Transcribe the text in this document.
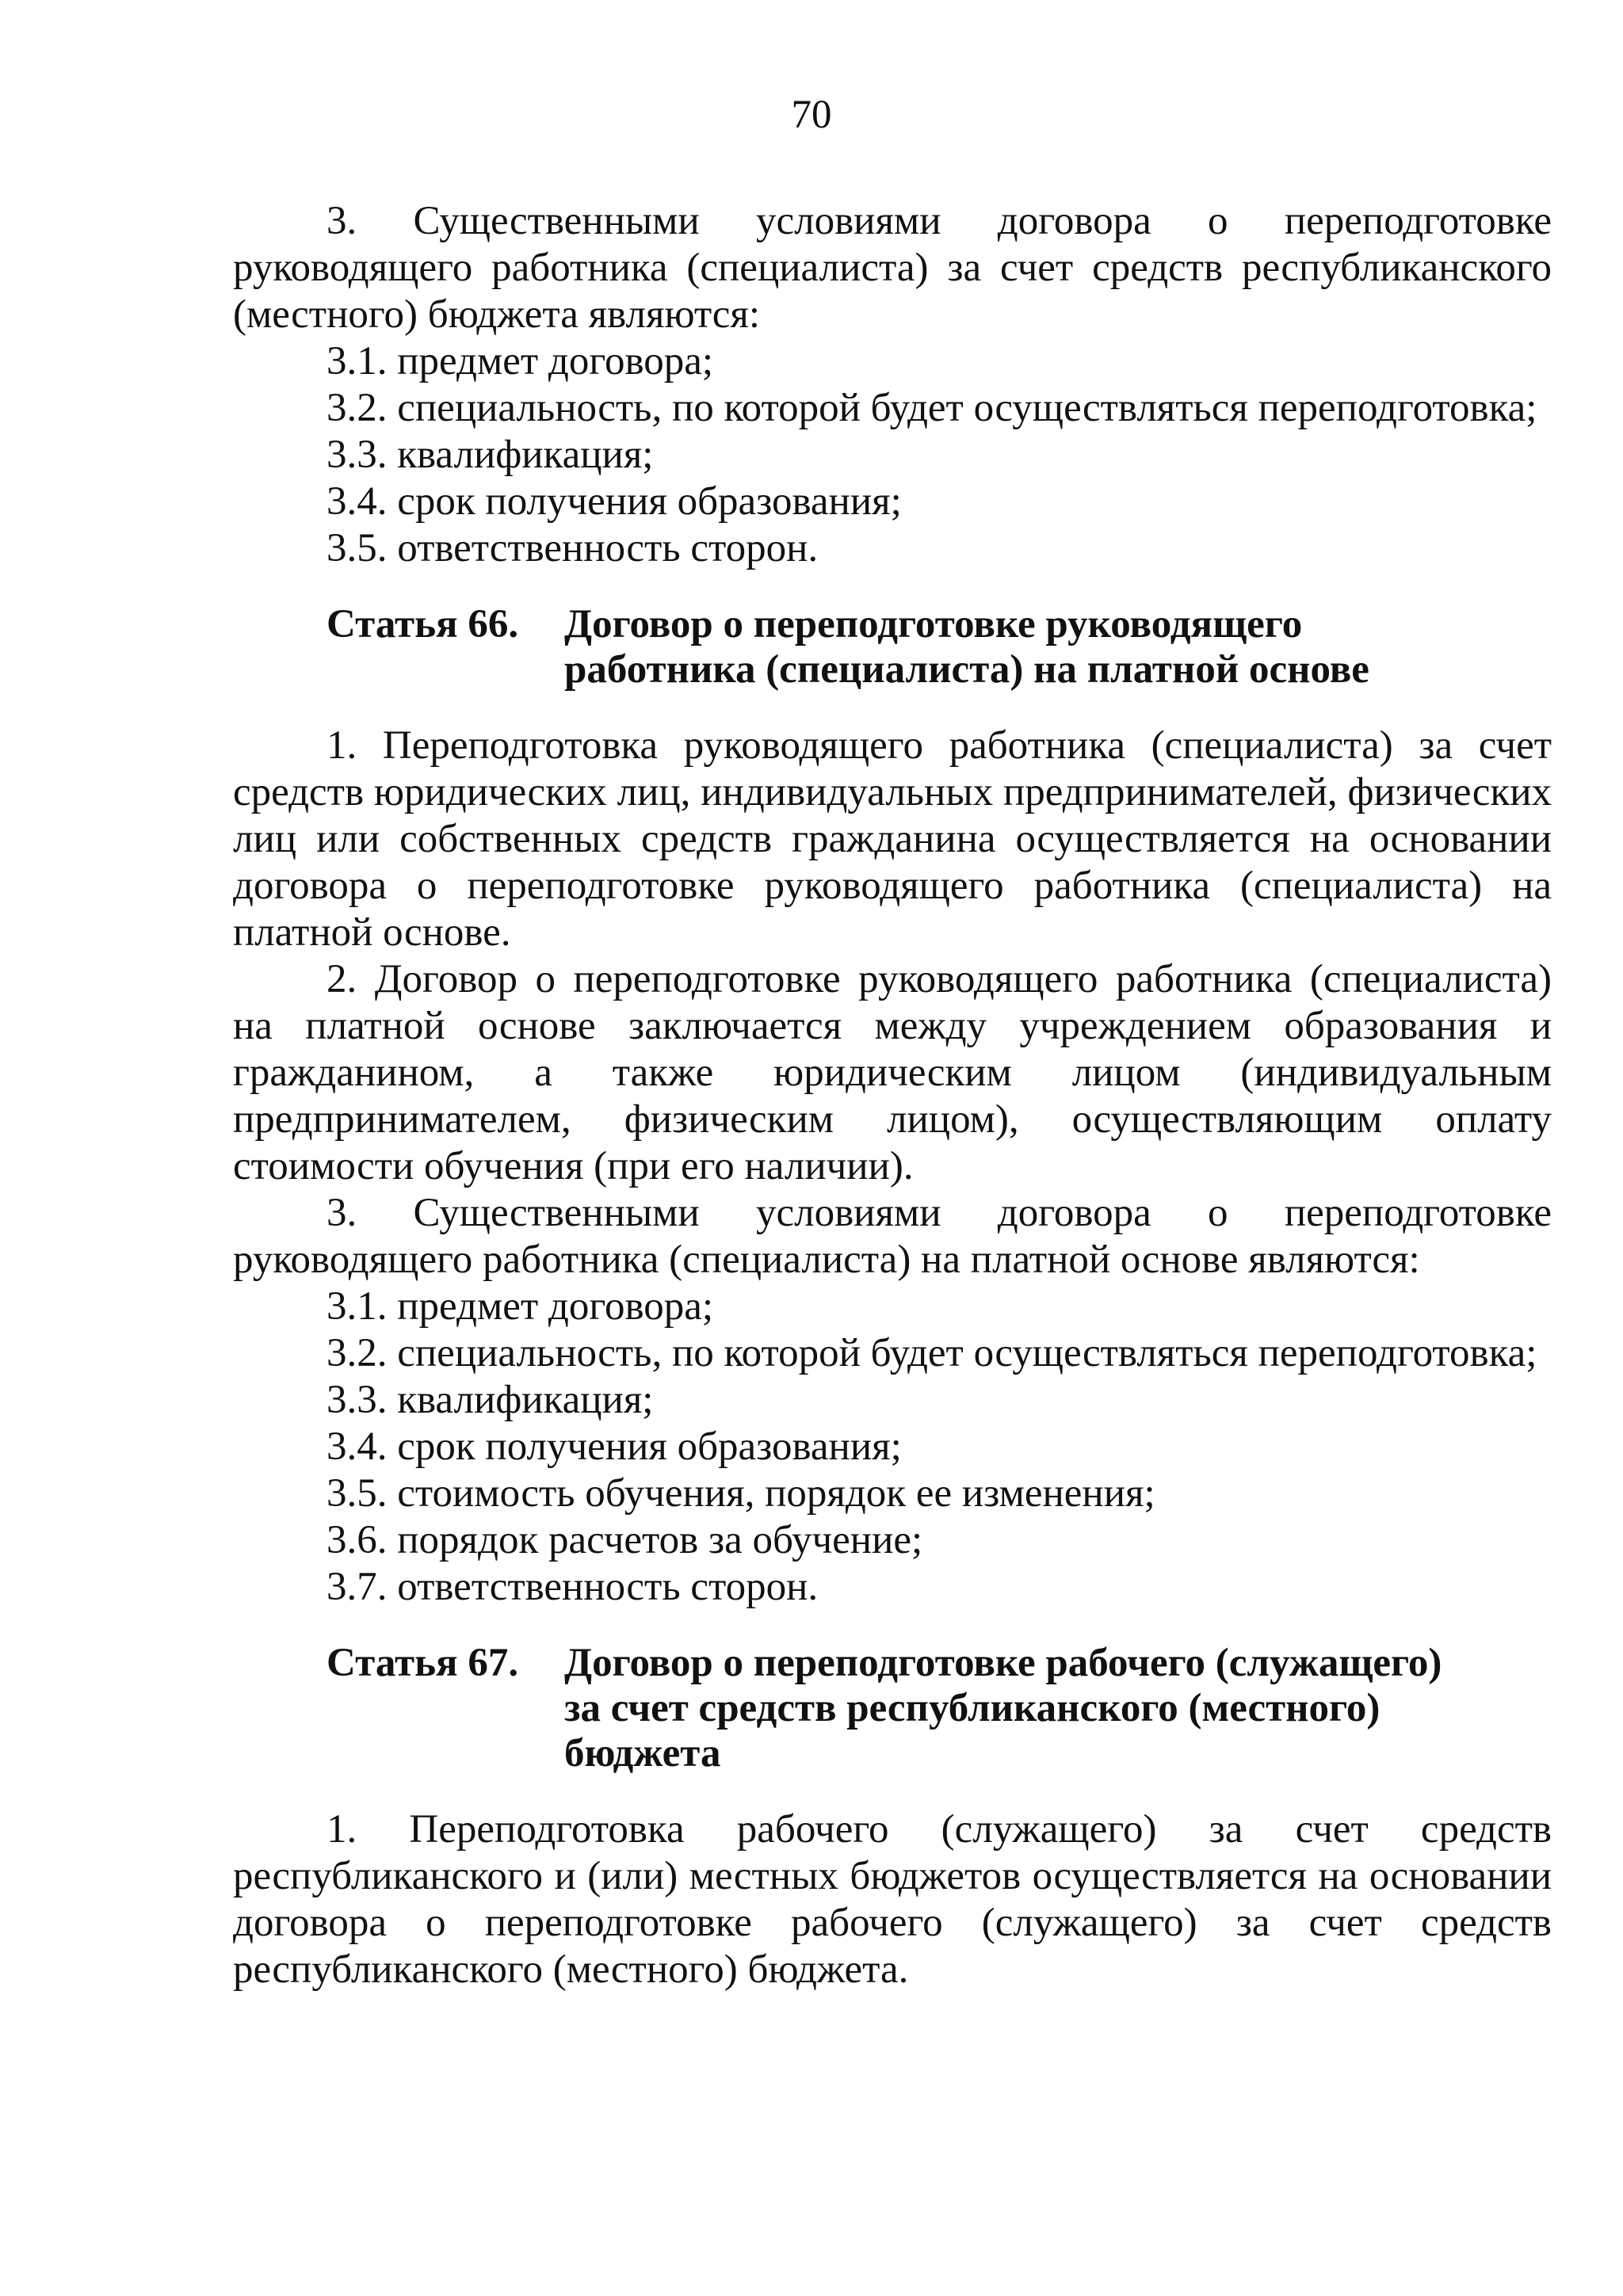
70

3. Существенными условиями договора о переподготовке руководящего работника (специалиста) за счет средств республиканского (местного) бюджета являются:

3.1. предмет договора;

3.2. специальность, по которой будет осуществляться переподготовка;

3.3. квалификация;

3.4. срок получения образования;

3.5. ответственность сторон.

Статья 66.	Договор о переподготовке руководящего работника (специалиста) на платной основе

1. Переподготовка руководящего работника (специалиста) за счет средств юридических лиц, индивидуальных предпринимателей, физических лиц или собственных средств гражданина осуществляется на основании договора о переподготовке руководящего работника (специалиста) на платной основе.

2. Договор о переподготовке руководящего работника (специалиста) на платной основе заключается между учреждением образования и гражданином, а также юридическим лицом (индивидуальным предпринимателем, физическим лицом), осуществляющим оплату стоимости обучения (при его наличии).

3. Существенными условиями договора о переподготовке руководящего работника (специалиста) на платной основе являются:

3.1. предмет договора;

3.2. специальность, по которой будет осуществляться переподготовка;

3.3. квалификация;

3.4. срок получения образования;

3.5. стоимость обучения, порядок ее изменения;

3.6. порядок расчетов за обучение;

3.7. ответственность сторон.

Статья 67.	Договор о переподготовке рабочего (служащего) за счет средств республиканского (местного) бюджета

1. Переподготовка рабочего (служащего) за счет средств республиканского и (или) местных бюджетов осуществляется на основании договора о переподготовке рабочего (служащего) за счет средств республиканского (местного) бюджета.
